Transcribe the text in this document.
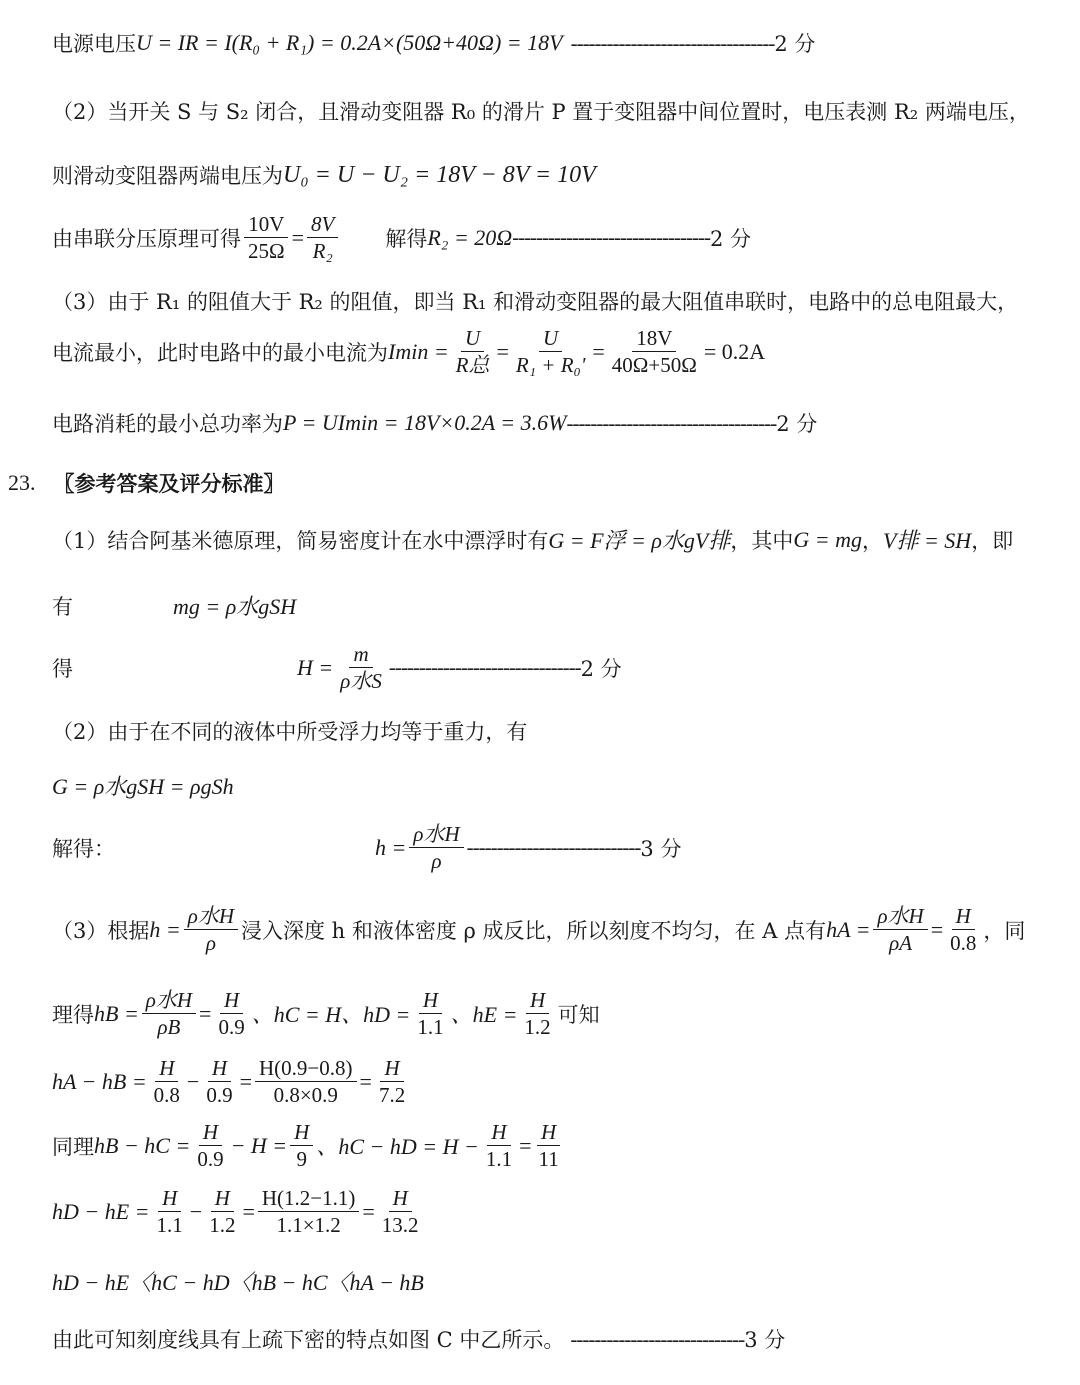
电源电压 U = IR = I(R₀ + R₁) = 0.2A×(50Ω+40Ω) = 18V ---------------------------------- 2 分
（2）当开关 S 与 S₂ 闭合，且滑动变阻器 R₀ 的滑片 P 置于变阻器中间位置时，电压表测 R₂ 两端电压，
则滑动变阻器两端电压为 U₀ = U − U₂ = 18V − 8V = 10V
由串联分压原理可得 $\frac{10V}{25\Omega} = \frac{8V}{\text{R₂}}$ 解得 R₂ = 20Ω --------------------------------- 2 分
（3）由于 R₁ 的阻值大于 R₂ 的阻值，即当 R₁ 和滑动变阻器的最大阻值串联时，电路中的总电阻最大，
电流最小，此时电路中的最小电流为 $Imin = \frac{U}{\text{R总}} = \frac{U}{\text{R₁ + R₀'}} = \frac{18V}{40\Omega+50\Omega} = 0.2A$
电路消耗的最小总功率为 P = UImin = 18V×0.2A = 3.6W ----------------------------------- 2 分
23. 〖参考答案及评分标准〗
（1）结合阿基米德原理，简易密度计在水中漂浮时有 G = F浮 = ρ水gV排 ，其中 G = mg ， V排 = SH ，即
有	mg = ρ水gSH
得	$H = \frac{m}{\text{ρ水S}}$ -------------------------------- 2 分
（2）由于在不同的液体中所受浮力均等于重力，有
G = ρ水gSH = ρgSh
解得：	$h = \frac{\text{ρ水H}}{\rho}$ ----------------------------- 3 分
（3）根据 $h = \frac{\text{ρ水H}}{\rho}$ 浸入深度 h 和液体密度 ρ 成反比，所以刻度不均匀，在 A 点有 hA = $\frac{\text{ρ水H}}{\rho A} = \frac{H}{0.8}$ ，同
理得 hB = $\frac{\text{ρ水H}}{\rho B} = \frac{H}{0.9}$ 、hC = H、hD = $\frac{H}{1.1}$ 、hE = $\frac{H}{1.2}$ 可知
hA − hB = $\frac{H}{0.8} - \frac{H}{0.9} = \frac{H(0.9-0.8)}{0.8\times 0.9} = \frac{H}{7.2}$
同理 hB − hC = $\frac{H}{0.9} - H = \frac{H}{9}$ 、hC − hD = $H - \frac{H}{1.1} = \frac{H}{11}$
hD − hE = $\frac{H}{1.1} - \frac{H}{1.2} = \frac{H(1.2-1.1)}{1.1\times 1.2} = \frac{H}{13.2}$
hD − hE〈hC − hD〈hB − hC〈hA − hB
由此可知刻度线具有上疏下密的特点如图 C 中乙所示。 ----------------------------- 3 分
